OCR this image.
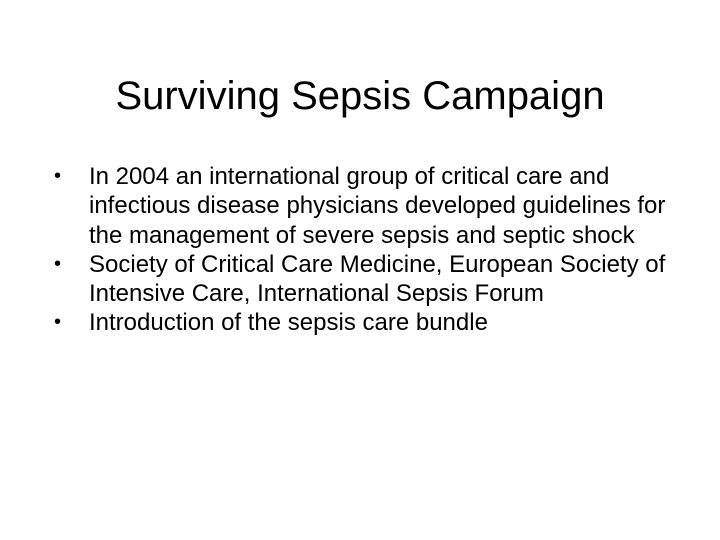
Surviving Sepsis Campaign
•	In 2004 an international group of critical care and infectious disease physicians developed guidelines for the management of severe sepsis and septic shock
•	Society of Critical Care Medicine, European Society of Intensive Care, International Sepsis Forum
•	Introduction of the sepsis care bundle
